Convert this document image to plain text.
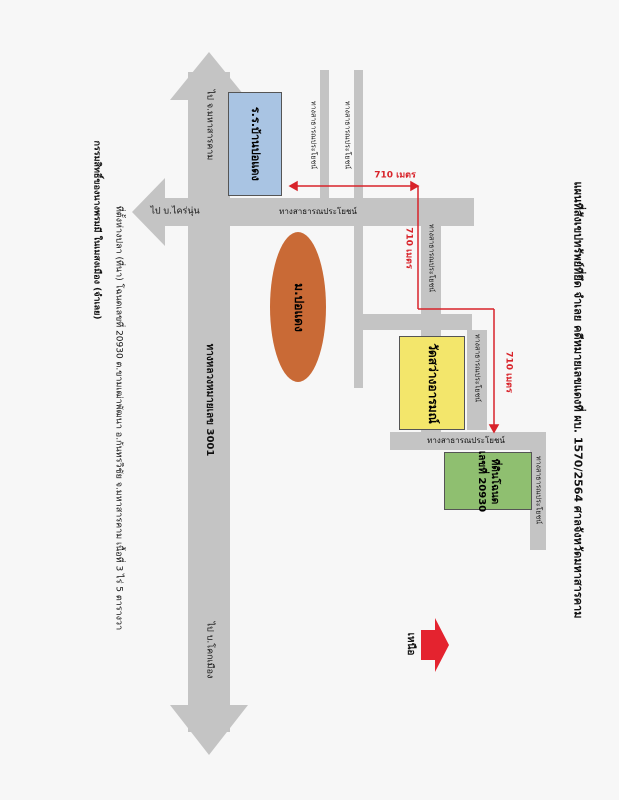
ร.ร.บ้านปอแดง
ม.ปอแดง
วัดสว่างอารมณ์
ที่ดินโฉนด
เลขที่ 20930	แผนที่สังเขปทรัพย์ที่ยึด จำเลย คดีหมายเลขแดงที่ ผบ. 1570/2564 ศาลจังหวัดมหาสารคาม
ทางหลวงหมายเลข 3001
ไป จ.มหาสารคาม
ไป บ.โคกเมือง
ไป บ.ไคร่นุ่น	ทางสาธารณประโยชน์
ทางสาธารณประโยชน์	ทางสาธารณประโยชน์
ทางสาธารณประโยชน์
ทางสาธารณประโยชน์
ทางสาธารณประโยชน์
ทางสาธารณประโยชน์
710 เมตร
710 เมตร
710 เมตร
เหนือ
ที่ตั้งห่างปลา (ที่นา) โฉนดเลขที่ 20930 ต.ขามเฒ่าพัฒนา อ.กันทรวิชัย จ.มหาสารคาม เนื้อที่ 3 ไร่ 5 ตารางวา
กรรมสิทธิ์ของนางพรมมี ในเมสงเมือง (จำเลย)
